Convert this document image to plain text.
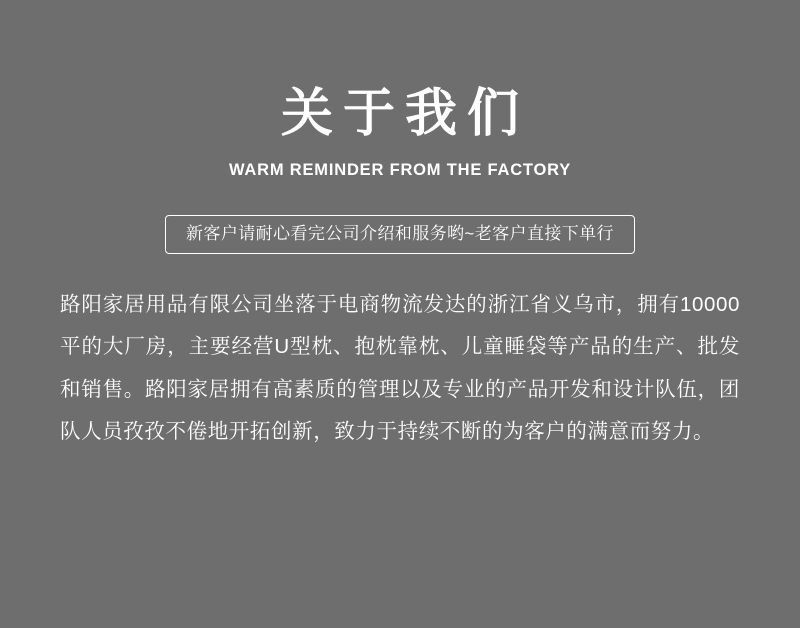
关于我们
WARM REMINDER FROM THE FACTORY
新客户请耐心看完公司介绍和服务哟~老客户直接下单行

路阳家居用品有限公司坐落于电商物流发达的浙江省义乌市，拥有10000平的大厂房，主要经营U型枕、抱枕靠枕、儿童睡袋等产品的生产、批发和销售。路阳家居拥有高素质的管理以及专业的产品开发和设计队伍，团队人员孜孜不倦地开拓创新，致力于持续不断的为客户的满意而努力。
